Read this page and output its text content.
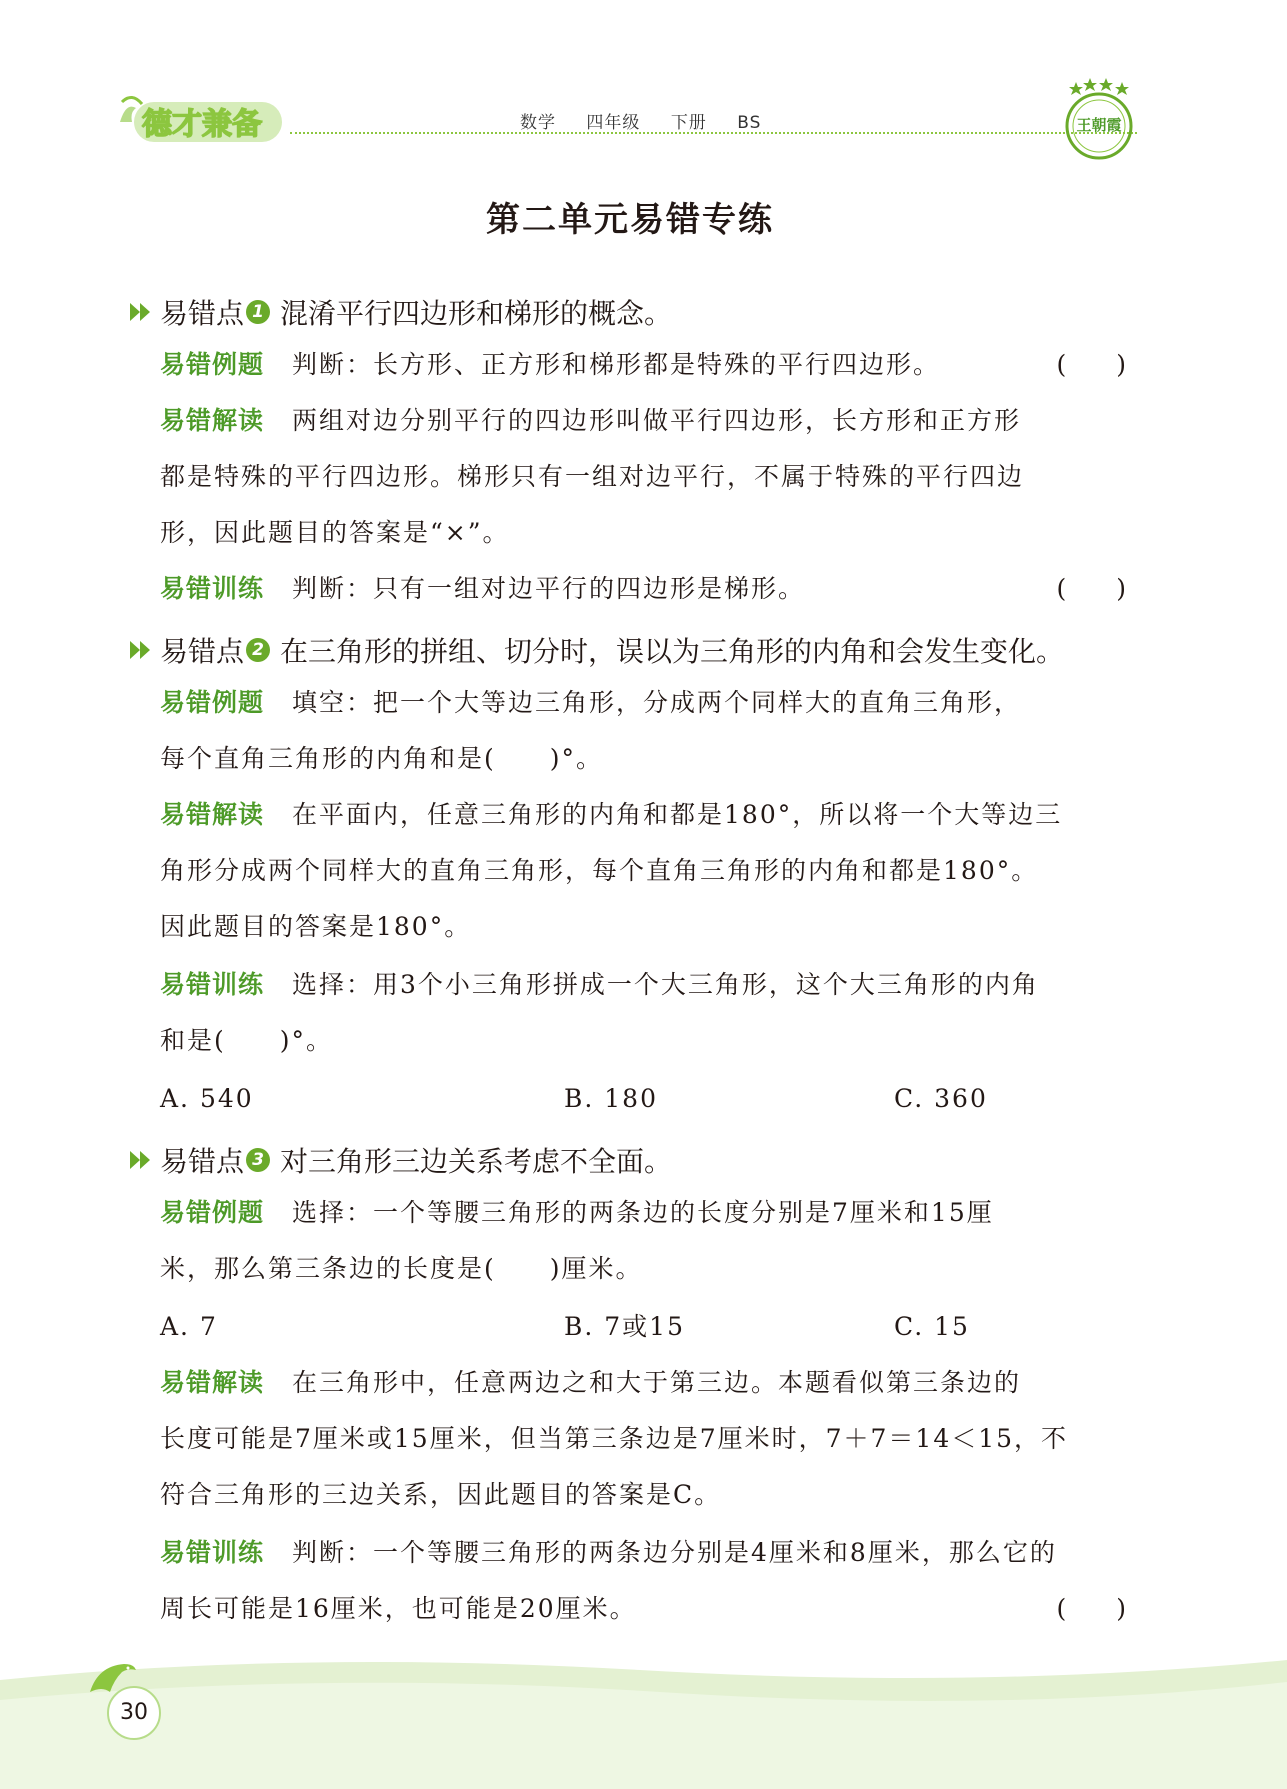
德才兼备	数学 四年级 下册 BS	王朝霞
第二单元易错专练
易错点 1 混淆平行四边形和梯形的概念。
易错例题 判断：长方形、正方形和梯形都是特殊的平行四边形。	(　　)
易错解读 两组对边分别平行的四边形叫做平行四边形，长方形和正方形
都是特殊的平行四边形。梯形只有一组对边平行，不属于特殊的平行四边
形，因此题目的答案是“×”。
易错训练 判断：只有一组对边平行的四边形是梯形。	(　　)
易错点 2 在三角形的拼组、切分时，误以为三角形的内角和会发生变化。
易错例题 填空：把一个大等边三角形，分成两个同样大的直角三角形，
每个直角三角形的内角和是(　　)°。
易错解读 在平面内，任意三角形的内角和都是180°，所以将一个大等边三
角形分成两个同样大的直角三角形，每个直角三角形的内角和都是180°。
因此题目的答案是180°。
易错训练 选择：用3个小三角形拼成一个大三角形，这个大三角形的内角
和是(　　)°。
A. 540	B. 180	C. 360
易错点 3 对三角形三边关系考虑不全面。
易错例题 选择：一个等腰三角形的两条边的长度分别是7厘米和15厘
米，那么第三条边的长度是(　　)厘米。
A. 7	B. 7或15	C. 15
易错解读 在三角形中，任意两边之和大于第三边。本题看似第三条边的
长度可能是7厘米或15厘米，但当第三条边是7厘米时，7＋7＝14＜15，不
符合三角形的三边关系，因此题目的答案是C。
易错训练 判断：一个等腰三角形的两条边分别是4厘米和8厘米，那么它的
周长可能是16厘米，也可能是20厘米。	(　　)
30
